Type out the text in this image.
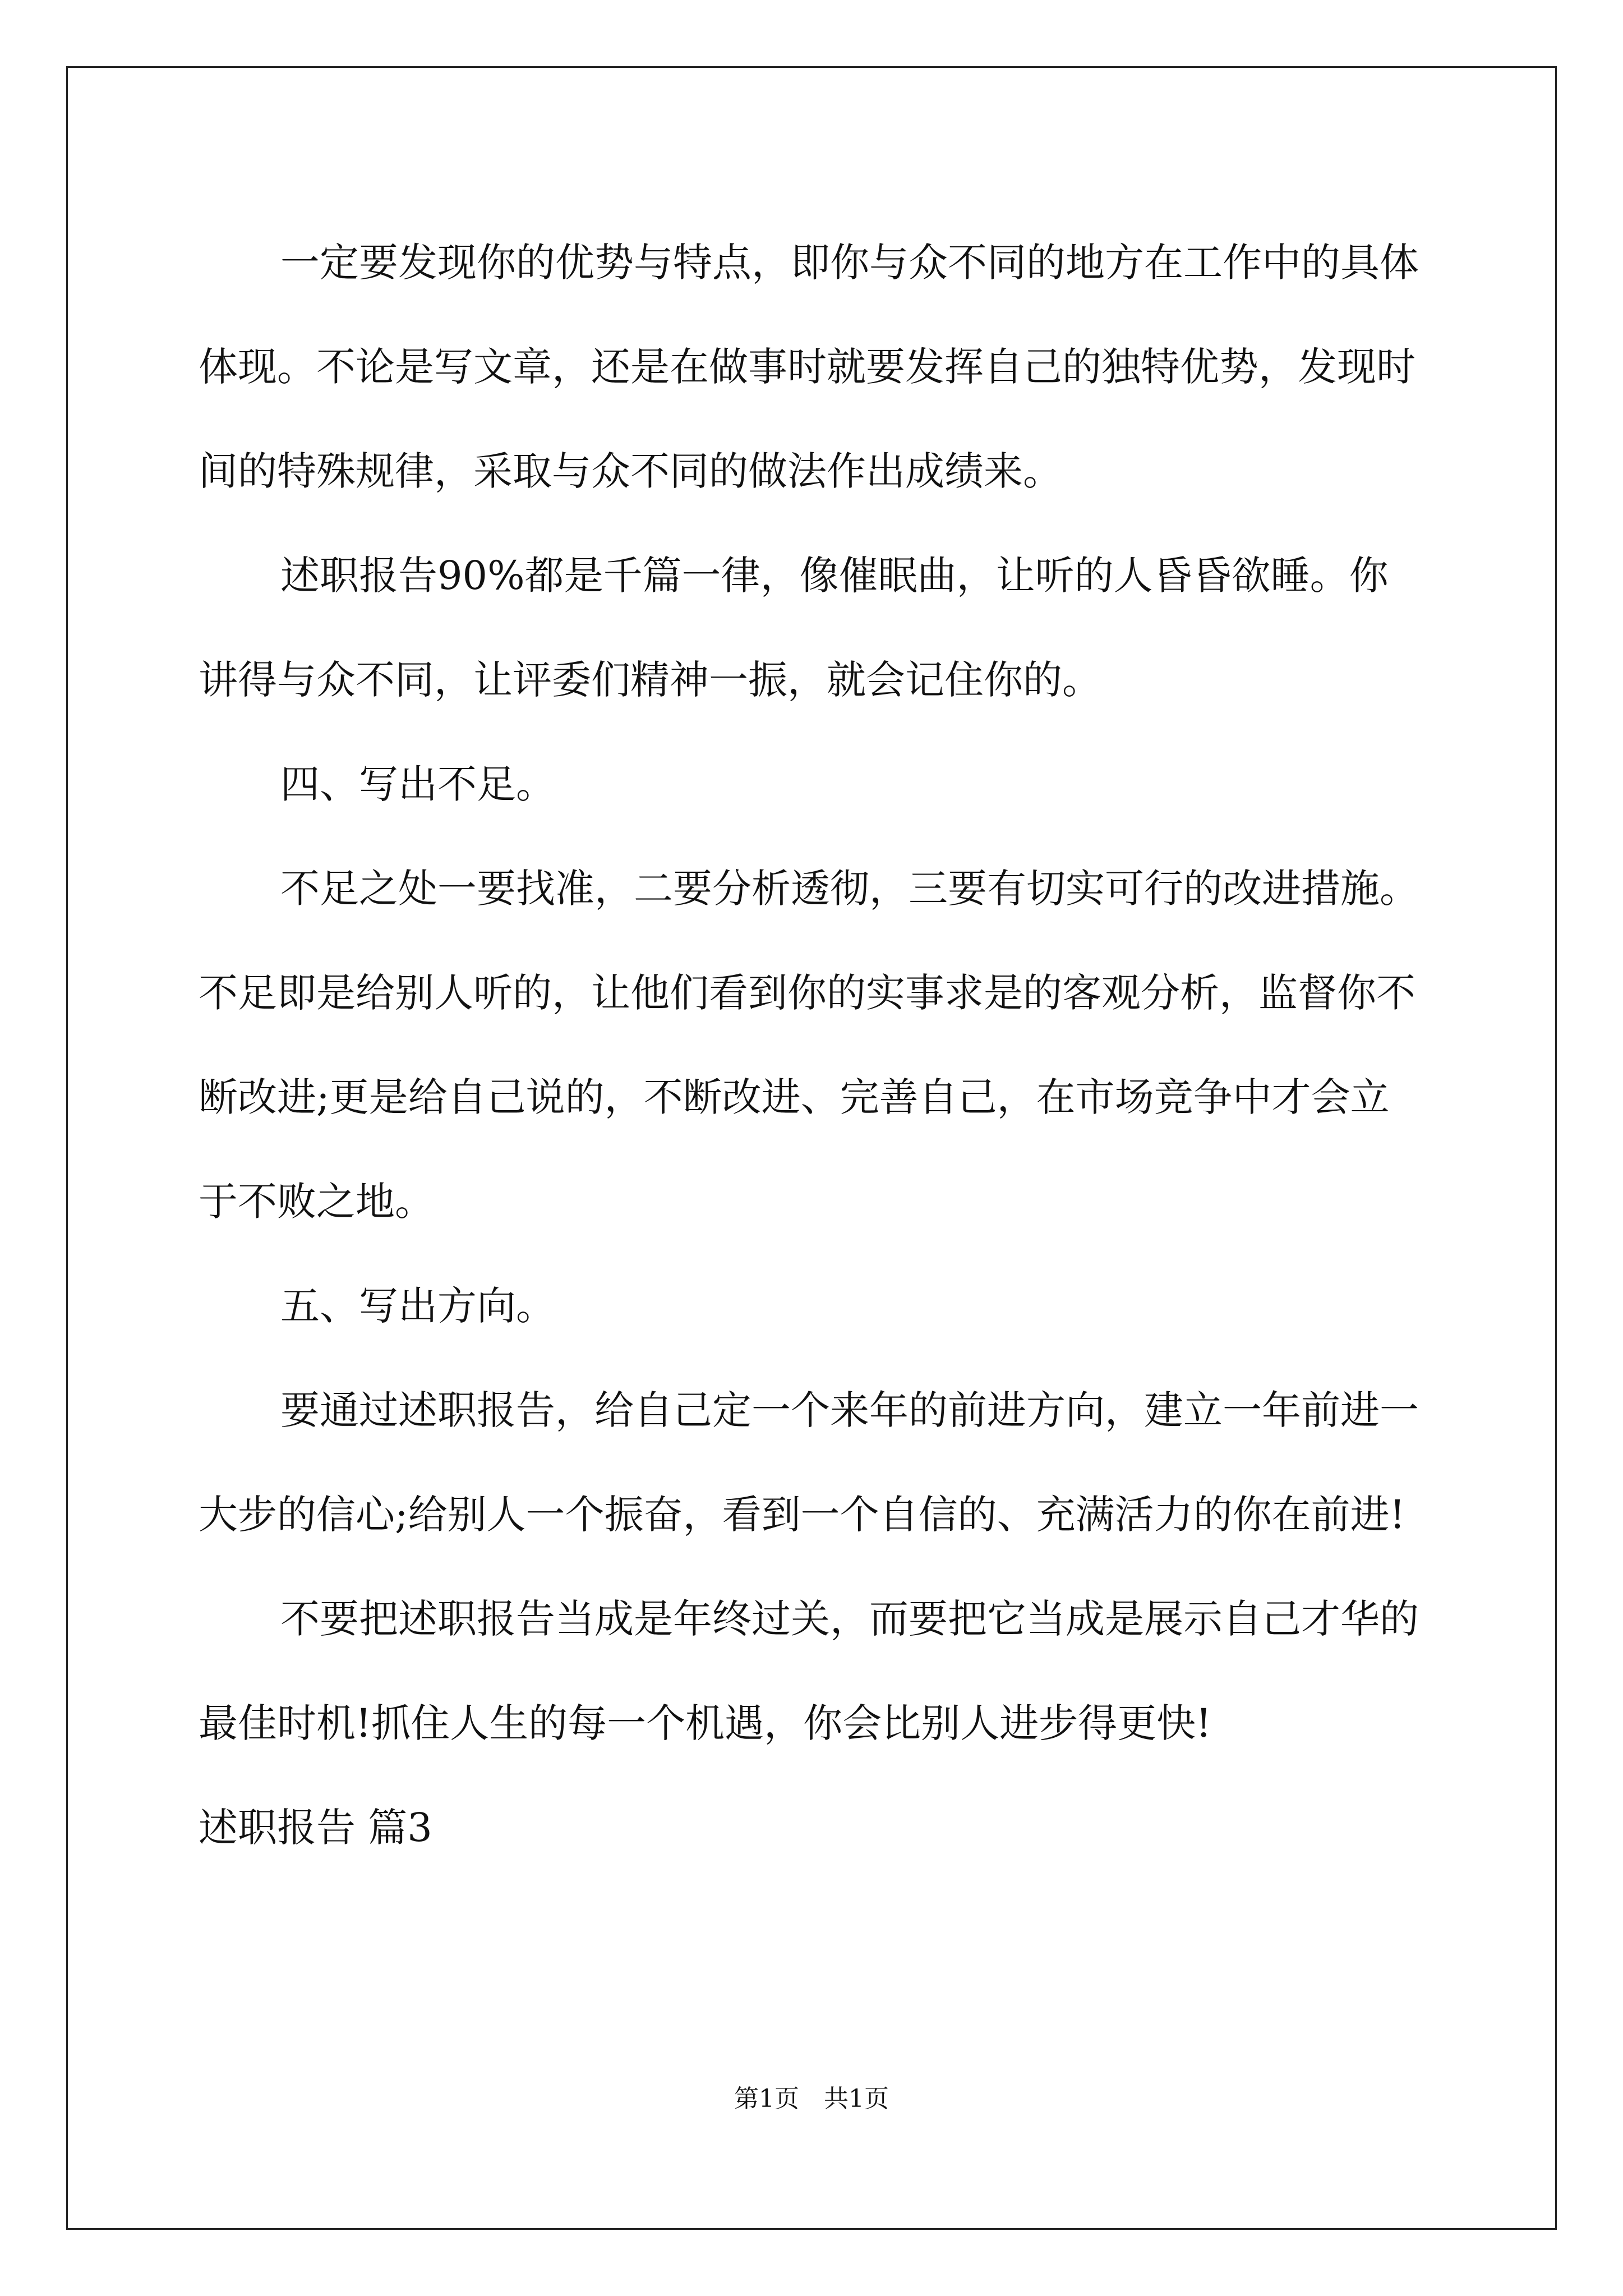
一定要发现你的优势与特点，即你与众不同的地方在工作中的具体体现。不论是写文章，还是在做事时就要发挥自己的独特优势，发现时间的特殊规律，采取与众不同的做法作出成绩来。

述职报告90%都是千篇一律，像催眠曲，让听的人昏昏欲睡。你讲得与众不同，让评委们精神一振，就会记住你的。

四、写出不足。

不足之处一要找准，二要分析透彻，三要有切实可行的改进措施。不足即是给别人听的，让他们看到你的实事求是的客观分析，监督你不断改进;更是给自己说的，不断改进、完善自己，在市场竞争中才会立于不败之地。

五、写出方向。

要通过述职报告，给自己定一个来年的前进方向，建立一年前进一大步的信心;给别人一个振奋，看到一个自信的、充满活力的你在前进!

不要把述职报告当成是年终过关，而要把它当成是展示自己才华的最佳时机!抓住人生的每一个机遇，你会比别人进步得更快!

述职报告 篇3

第1页 共1页
